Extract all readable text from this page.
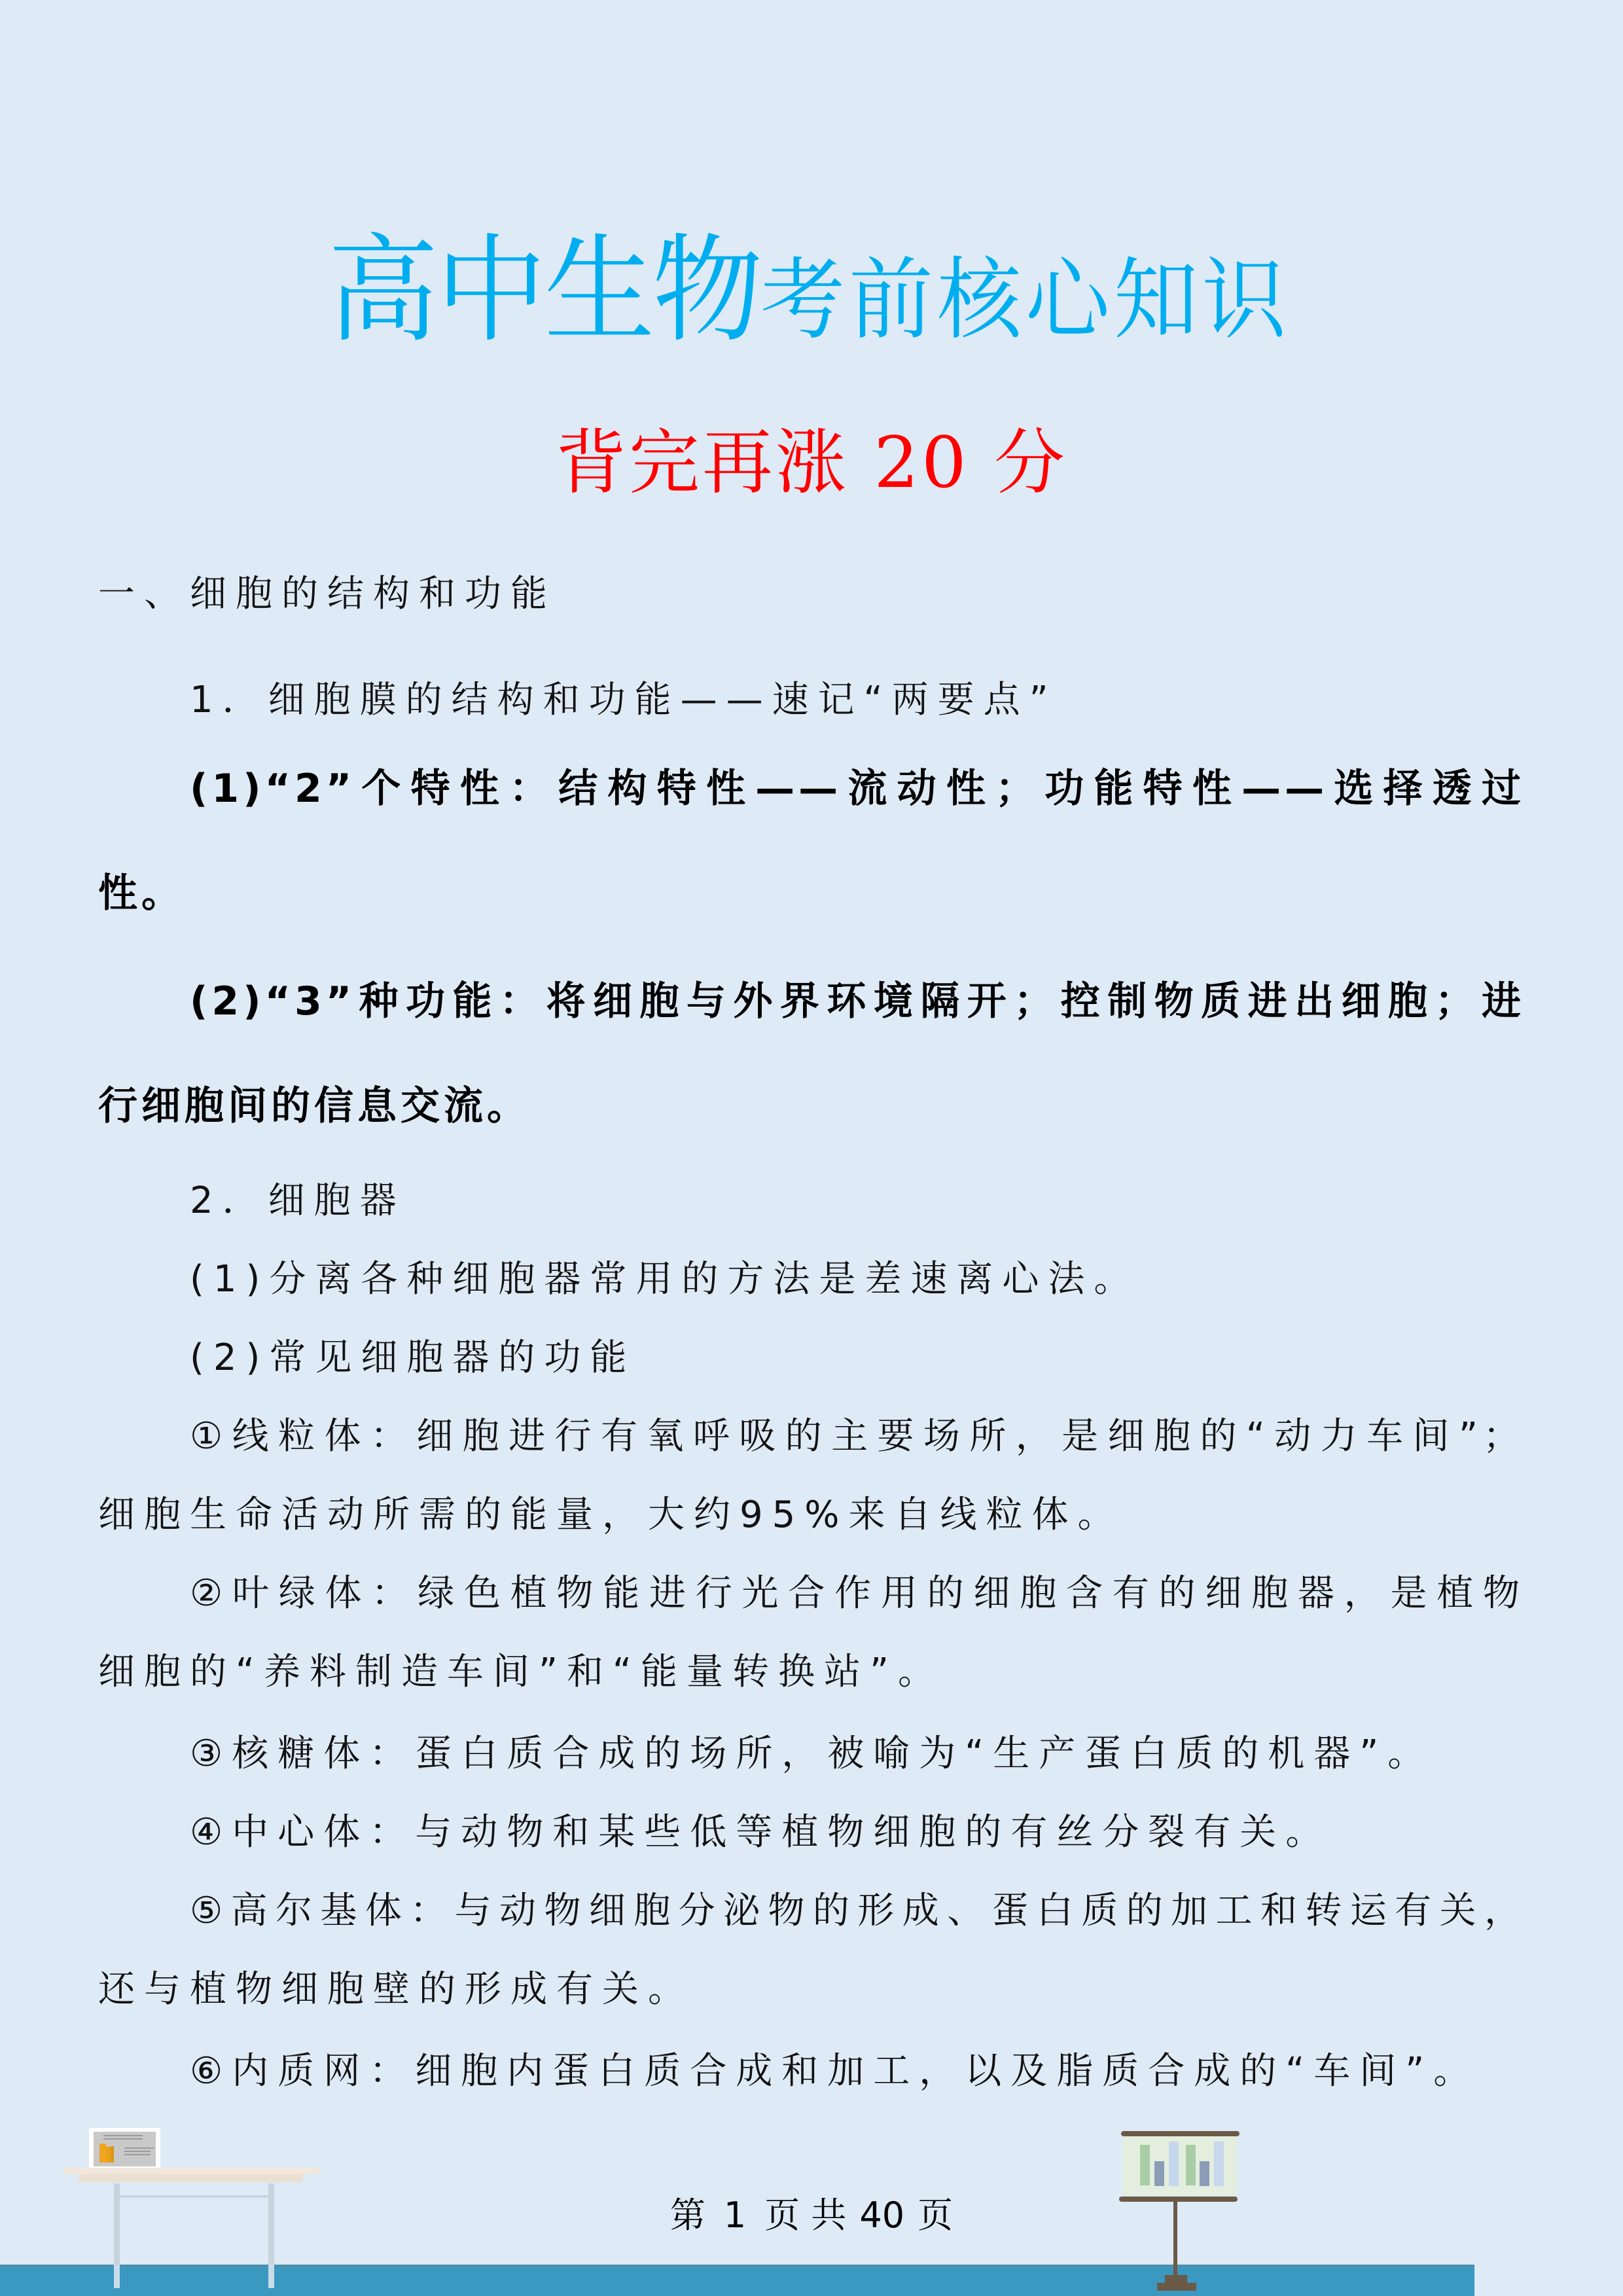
高中生物考前核心知识
背完再涨 20 分
一、细胞的结构和功能
1．细胞膜的结构和功能——速记“两要点”
(1)“2”个特性：结构特性——流动性；功能特性——选择透过
性。
(2)“3”种功能：将细胞与外界环境隔开；控制物质进出细胞；进
行细胞间的信息交流。
2．细胞器
(1)分离各种细胞器常用的方法是差速离心法。
(2)常见细胞器的功能
①线粒体：细胞进行有氧呼吸的主要场所，是细胞的“动力车间”；
细胞生命活动所需的能量，大约95%来自线粒体。
②叶绿体：绿色植物能进行光合作用的细胞含有的细胞器，是植物
细胞的“养料制造车间”和“能量转换站”。
③核糖体：蛋白质合成的场所，被喻为“生产蛋白质的机器”。
④中心体：与动物和某些低等植物细胞的有丝分裂有关。
⑤高尔基体：与动物细胞分泌物的形成、蛋白质的加工和转运有关，
还与植物细胞壁的形成有关。
⑥内质网：细胞内蛋白质合成和加工，以及脂质合成的“车间”。
第 1 页 共 40 页
